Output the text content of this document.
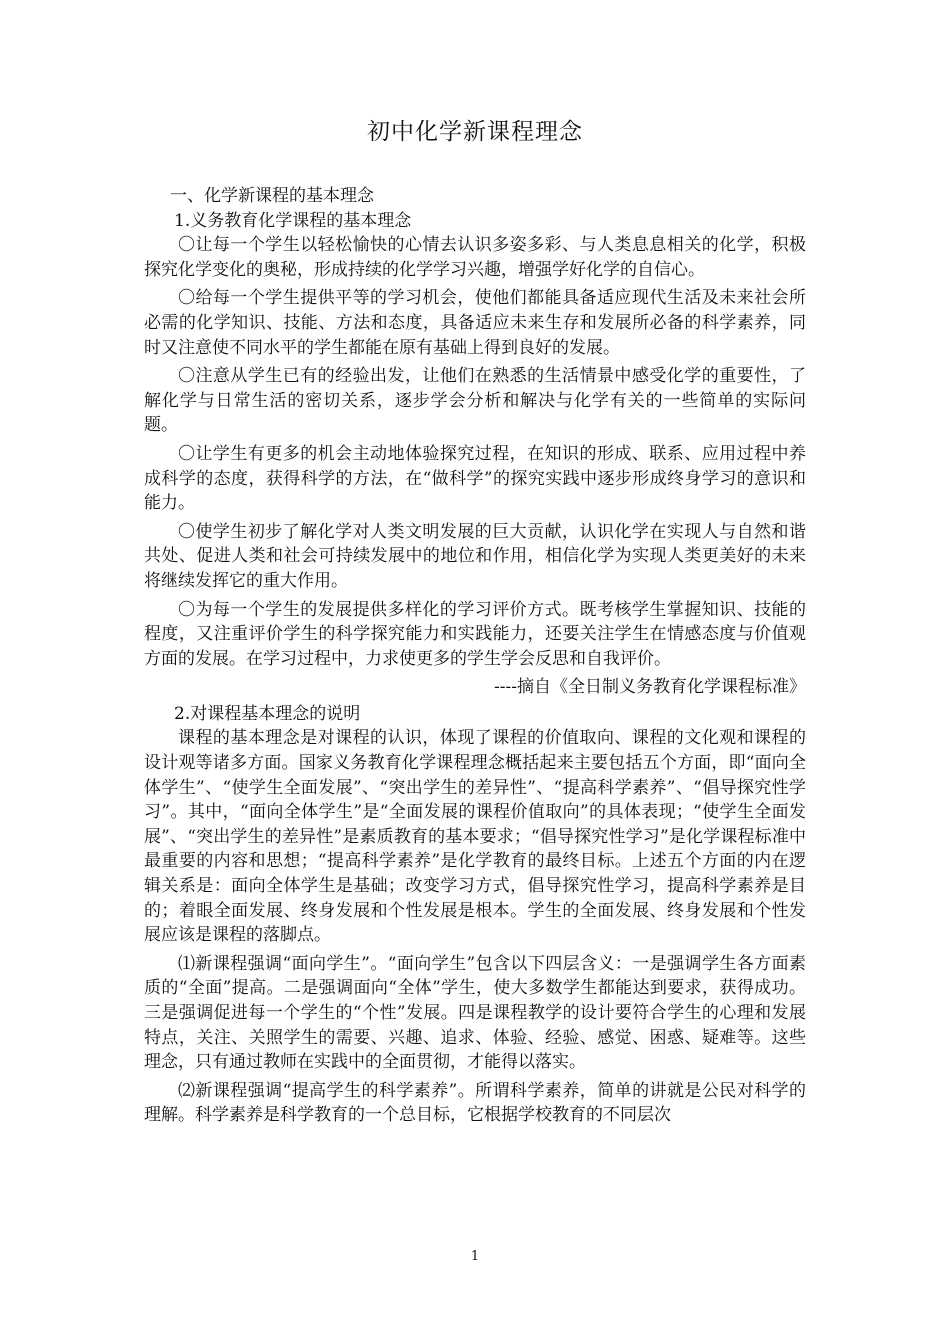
初中化学新课程理念
一、化学新课程的基本理念
1.义务教育化学课程的基本理念
〇让每一个学生以轻松愉快的心情去认识多姿多彩、与人类息息相关的化学，积极探究化学变化的奥秘，形成持续的化学学习兴趣，增强学好化学的自信心。
〇给每一个学生提供平等的学习机会，使他们都能具备适应现代生活及未来社会所必需的化学知识、技能、方法和态度，具备适应未来生存和发展所必备的科学素养，同时又注意使不同水平的学生都能在原有基础上得到良好的发展。
〇注意从学生已有的经验出发，让他们在熟悉的生活情景中感受化学的重要性，了解化学与日常生活的密切关系，逐步学会分析和解决与化学有关的一些简单的实际问题。
〇让学生有更多的机会主动地体验探究过程，在知识的形成、联系、应用过程中养成科学的态度，获得科学的方法，在“做科学”的探究实践中逐步形成终身学习的意识和能力。
〇使学生初步了解化学对人类文明发展的巨大贡献，认识化学在实现人与自然和谐共处、促进人类和社会可持续发展中的地位和作用，相信化学为实现人类更美好的未来将继续发挥它的重大作用。
〇为每一个学生的发展提供多样化的学习评价方式。既考核学生掌握知识、技能的程度，又注重评价学生的科学探究能力和实践能力，还要关注学生在情感态度与价值观方面的发展。在学习过程中，力求使更多的学生学会反思和自我评价。
----摘自《全日制义务教育化学课程标准》
2.对课程基本理念的说明
课程的基本理念是对课程的认识，体现了课程的价值取向、课程的文化观和课程的设计观等诸多方面。国家义务教育化学课程理念概括起来主要包括五个方面，即“面向全体学生”、“使学生全面发展”、“突出学生的差异性”、“提高科学素养”、“倡导探究性学习”。其中，“面向全体学生”是“全面发展的课程价值取向”的具体表现；“使学生全面发展”、“突出学生的差异性”是素质教育的基本要求；“倡导探究性学习”是化学课程标准中最重要的内容和思想；“提高科学素养”是化学教育的最终目标。上述五个方面的内在逻辑关系是：面向全体学生是基础；改变学习方式，倡导探究性学习，提高科学素养是目的；着眼全面发展、终身发展和个性发展是根本。学生的全面发展、终身发展和个性发展应该是课程的落脚点。
⑴新课程强调“面向学生”。“面向学生”包含以下四层含义：一是强调学生各方面素质的“全面”提高。二是强调面向“全体”学生，使大多数学生都能达到要求，获得成功。三是强调促进每一个学生的“个性”发展。四是课程教学的设计要符合学生的心理和发展特点，关注、关照学生的需要、兴趣、追求、体验、经验、感觉、困惑、疑难等。这些理念，只有通过教师在实践中的全面贯彻，才能得以落实。
⑵新课程强调“提高学生的科学素养”。所谓科学素养，简单的讲就是公民对科学的理解。科学素养是科学教育的一个总目标，它根据学校教育的不同层次
1
